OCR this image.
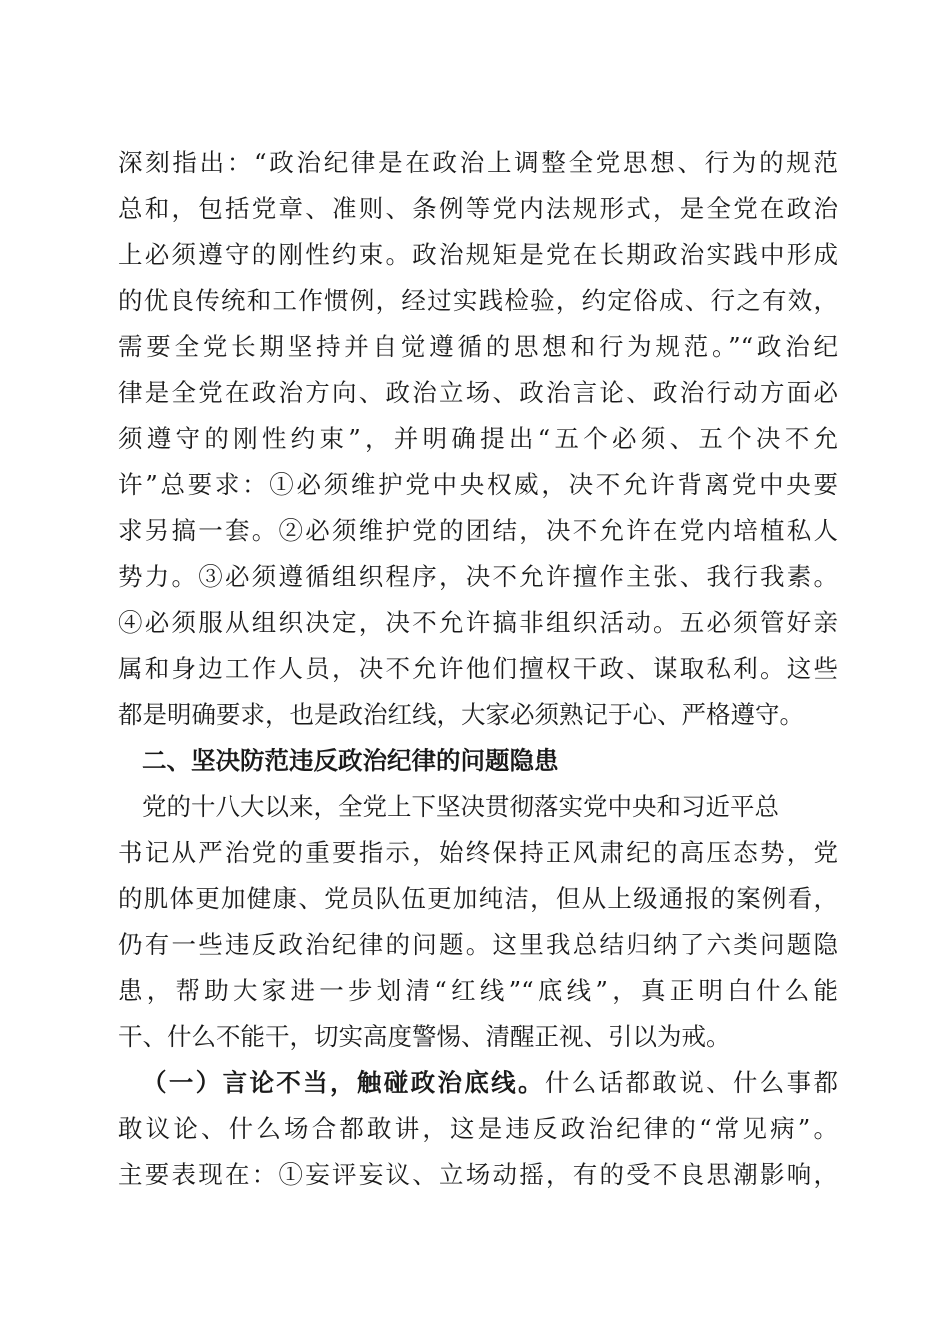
深刻指出：“政治纪律是在政治上调整全党思想、行为的规范
总和，包括党章、准则、条例等党内法规形式，是全党在政治
上必须遵守的刚性约束。政治规矩是党在长期政治实践中形成
的优良传统和工作惯例，经过实践检验，约定俗成、行之有效，
需要全党长期坚持并自觉遵循的思想和行为规范。”“政治纪
律是全党在政治方向、政治立场、政治言论、政治行动方面必
须遵守的刚性约束”，并明确提出“五个必须、五个决不允
许”总要求：①必须维护党中央权威，决不允许背离党中央要
求另搞一套。②必须维护党的团结，决不允许在党内培植私人
势力。③必须遵循组织程序，决不允许擅作主张、我行我素。
④必须服从组织决定，决不允许搞非组织活动。五必须管好亲
属和身边工作人员，决不允许他们擅权干政、谋取私利。这些
都是明确要求，也是政治红线，大家必须熟记于心、严格遵守。
二、坚决防范违反政治纪律的问题隐患
党的十八大以来，全党上下坚决贯彻落实党中央和习近平总
书记从严治党的重要指示，始终保持正风肃纪的高压态势，党
的肌体更加健康、党员队伍更加纯洁，但从上级通报的案例看，
仍有一些违反政治纪律的问题。这里我总结归纳了六类问题隐
患，帮助大家进一步划清“红线”“底线”，真正明白什么能
干、什么不能干，切实高度警惕、清醒正视、引以为戒。
（一）言论不当，触碰政治底线。什么话都敢说、什么事都
敢议论、什么场合都敢讲，这是违反政治纪律的“常见病”。
主要表现在：①妄评妄议、立场动摇，有的受不良思潮影响，
